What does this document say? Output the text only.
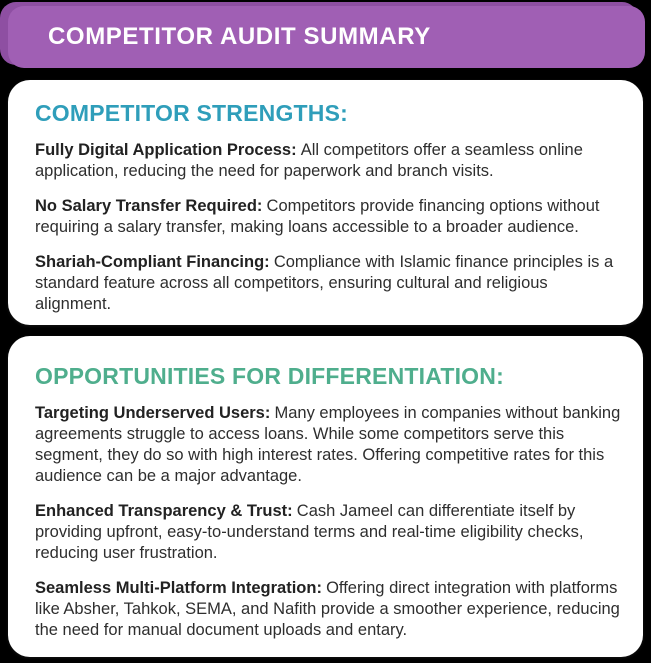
COMPETITOR AUDIT SUMMARY
COMPETITOR STRENGTHS:

Fully Digital Application Process: All competitors offer a seamless online application, reducing the need for paperwork and branch visits.

No Salary Transfer Required: Competitors provide financing options without requiring a salary transfer, making loans accessible to a broader audience.

Shariah-Compliant Financing: Compliance with Islamic finance principles is a standard feature across all competitors, ensuring cultural and religious alignment.

OPPORTUNITIES FOR DIFFERENTIATION:

Targeting Underserved Users: Many employees in companies without banking agreements struggle to access loans. While some competitors serve this segment, they do so with high interest rates. Offering competitive rates for this audience can be a major advantage.

Enhanced Transparency & Trust: Cash Jameel can differentiate itself by providing upfront, easy-to-understand terms and real-time eligibility checks, reducing user frustration.

Seamless Multi-Platform Integration: Offering direct integration with platforms like Absher, Tahkok, SEMA, and Nafith provide a smoother experience, reducing the need for manual document uploads and entary.
